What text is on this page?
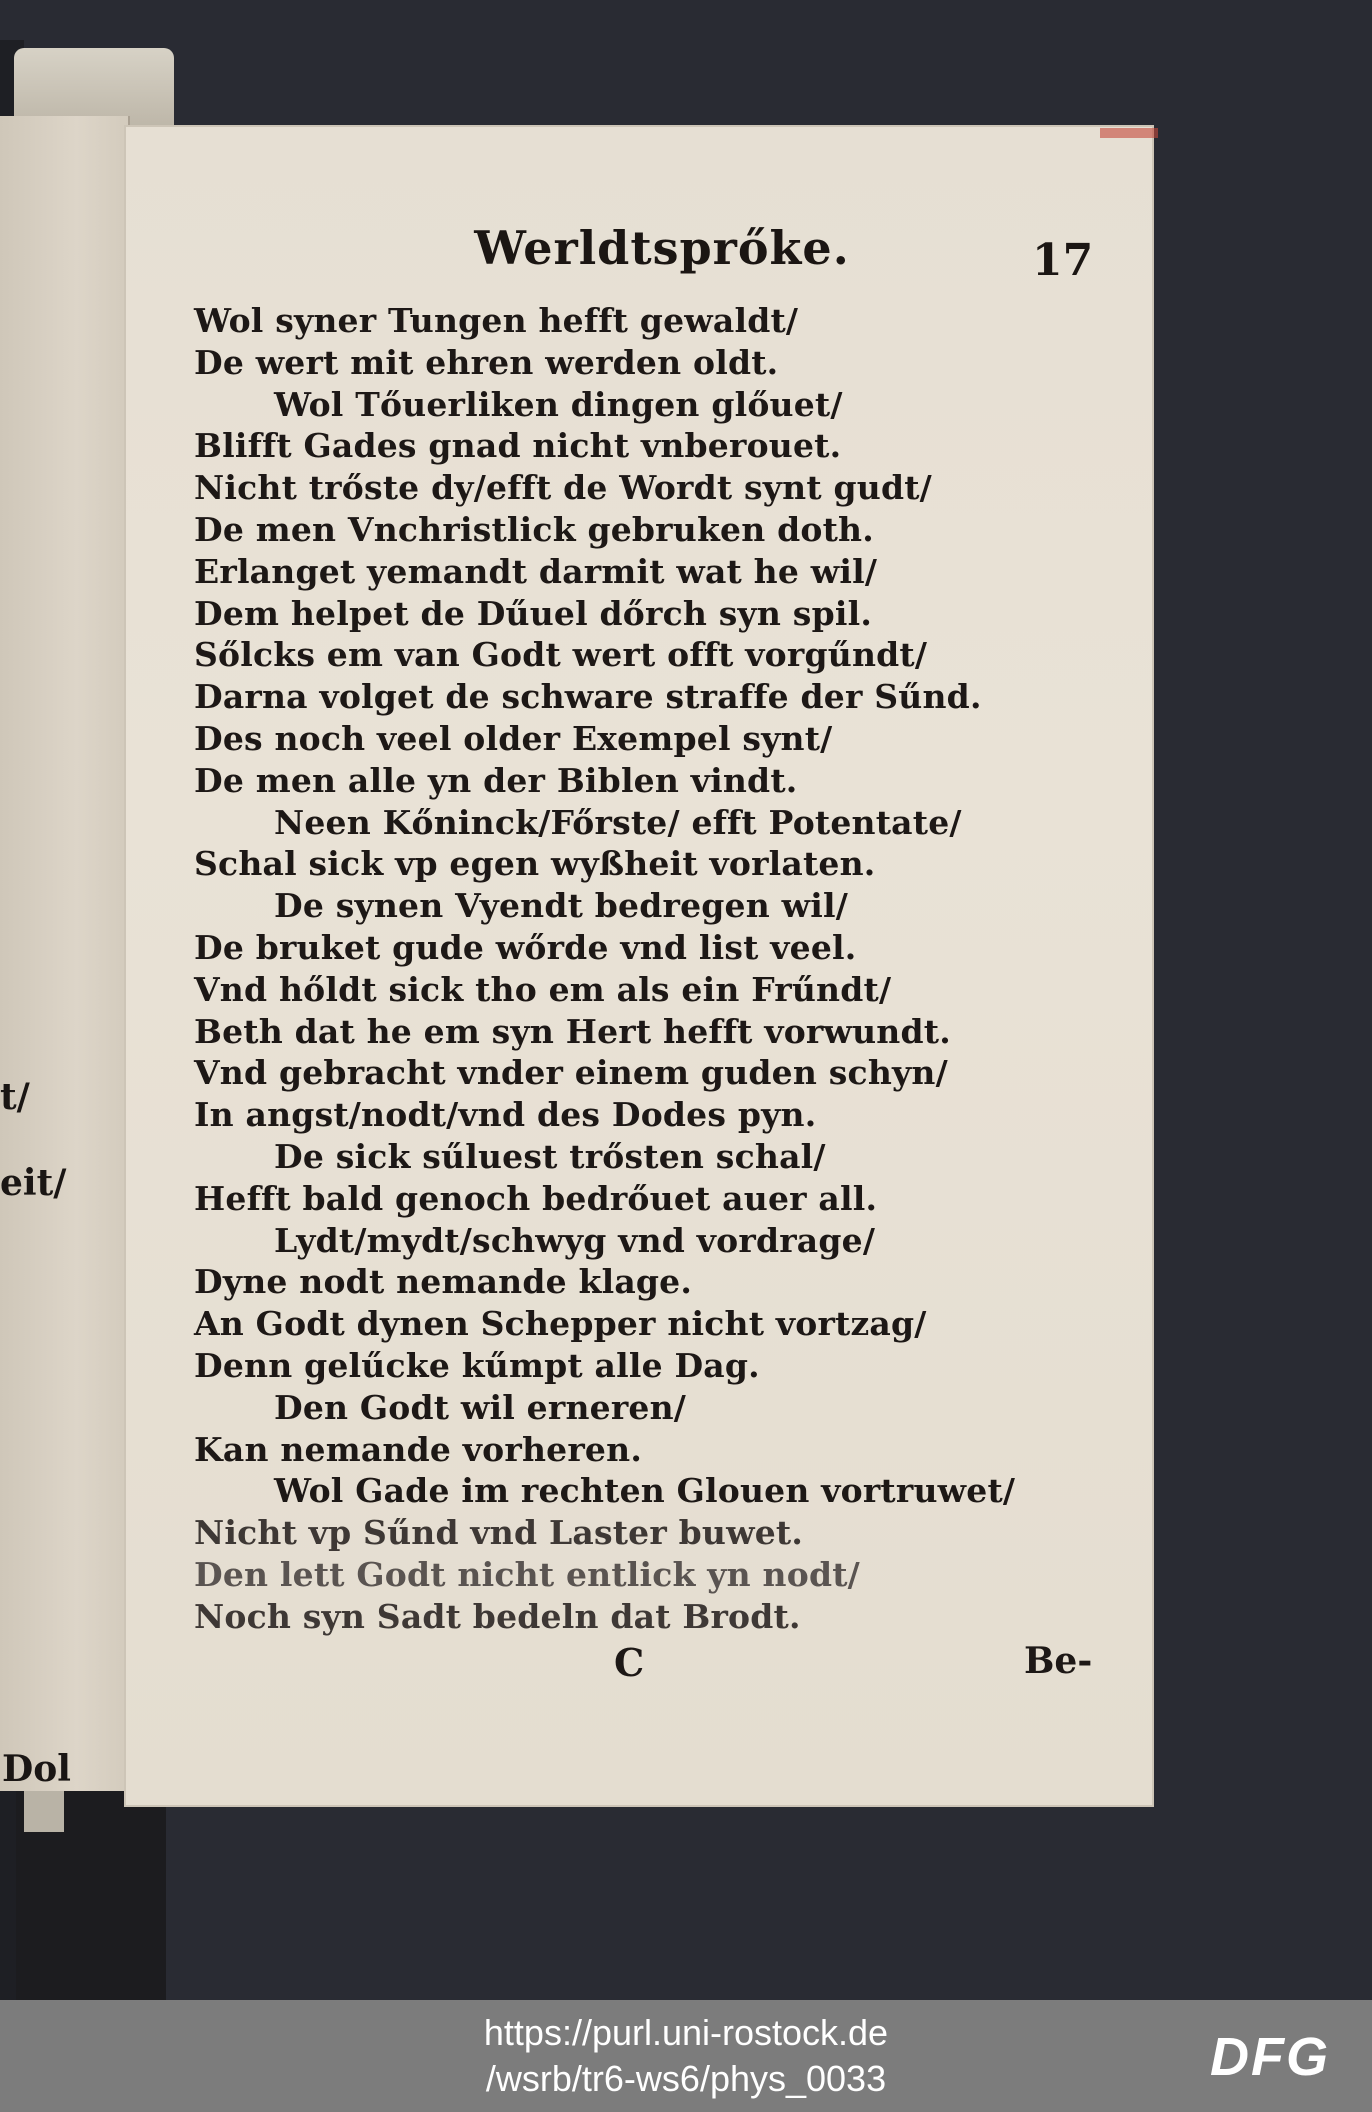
t/
eit/
Dol
Werldtsprőke.	17
Wol syner Tungen hefft gewaldt/
De wert mit ehren werden oldt.
Wol Tőuerliken dingen glőuet/
Blifft Gades gnad nicht vnberouet.
Nicht trőste dy/efft de Wordt synt gudt/
De men Vnchristlick gebruken doth.
Erlanget yemandt darmit wat he wil/
Dem helpet de Dűuel dőrch syn spil.
Sőlcks em van Godt wert offt vorgűndt/
Darna volget de schware straffe der Sűnd.
Des noch veel older Exempel synt/
De men alle yn der Biblen vindt.
Neen Kőninck/Főrste/ efft Potentate/
Schal sick vp egen wyßheit vorlaten.
De synen Vyendt bedregen wil/
De bruket gude wőrde vnd list veel.
Vnd hőldt sick tho em als ein Frűndt/
Beth dat he em syn Hert hefft vorwundt.
Vnd gebracht vnder einem guden schyn/
In angst/nodt/vnd des Dodes pyn.
De sick sűluest trősten schal/
Hefft bald genoch bedrőuet auer all.
Lydt/mydt/schwyg vnd vordrage/
Dyne nodt nemande klage.
An Godt dynen Schepper nicht vortzag/
Denn gelűcke kűmpt alle Dag.
Den Godt wil erneren/
Kan nemande vorheren.
Wol Gade im rechten Glouen vortruwet/
Nicht vp Sűnd vnd Laster buwet.
Den lett Godt nicht entlick yn nodt/
Noch syn Sadt bedeln dat Brodt.
C	Be-
https://purl.uni-rostock.de
/wsrb/tr6-ws6/phys_0033	DFG
